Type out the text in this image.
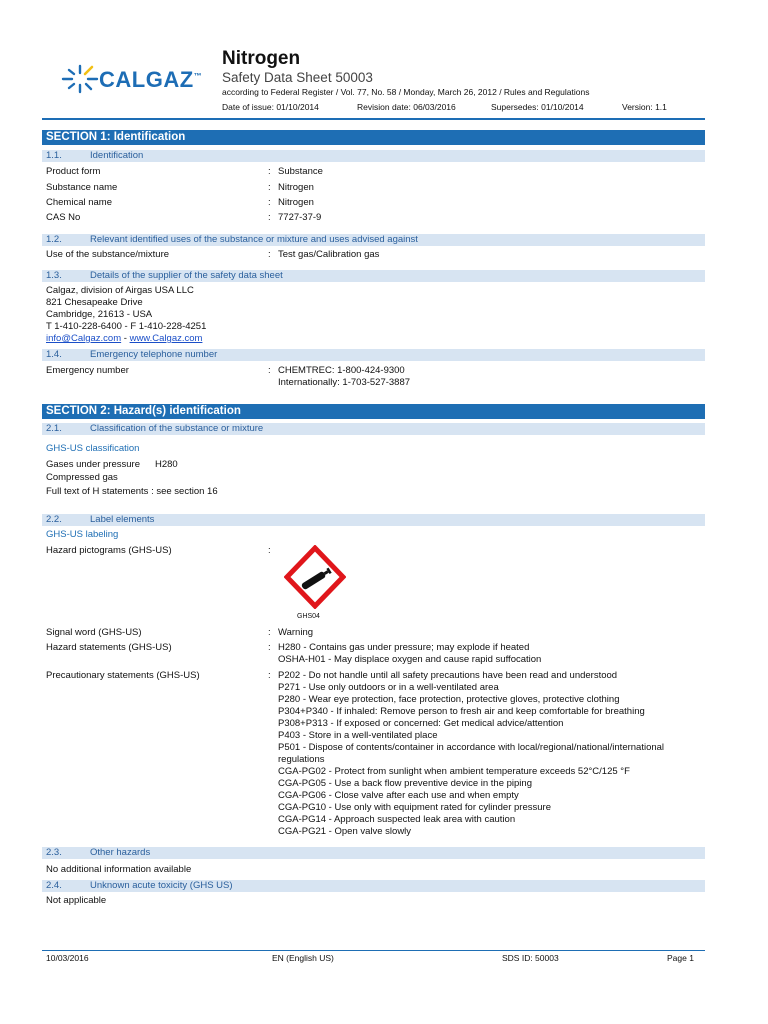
CALGAZ™
Nitrogen
Safety Data Sheet 50003
according to Federal Register / Vol. 77, No. 58 / Monday, March 26, 2012 / Rules and Regulations
Date of issue: 01/10/2014	Revision date: 06/03/2016	Supersedes: 01/10/2014	Version: 1.1
SECTION 1: Identification
1.1.	Identification
Product form	: Substance
Substance name	: Nitrogen
Chemical name	: Nitrogen
CAS No	: 7727-37-9
1.2.	Relevant identified uses of the substance or mixture and uses advised against
Use of the substance/mixture	: Test gas/Calibration gas
1.3.	Details of the supplier of the safety data sheet
Calgaz, division of Airgas USA LLC
821 Chesapeake Drive
Cambridge, 21613 - USA
T 1-410-228-6400 - F 1-410-228-4251
info@Calgaz.com - www.Calgaz.com
1.4.	Emergency telephone number
Emergency number	: CHEMTREC: 1-800-424-9300
Internationally: 1-703-527-3887
SECTION 2: Hazard(s) identification
2.1.	Classification of the substance or mixture
GHS-US classification
Gases under pressure H280
Compressed gas
Full text of H statements : see section 16
2.2.	Label elements
GHS-US labeling
Hazard pictograms (GHS-US)	:
GHS04
Signal word (GHS-US)	: Warning
Hazard statements (GHS-US)	: H280 - Contains gas under pressure; may explode if heated
OSHA-H01 - May displace oxygen and cause rapid suffocation
Precautionary statements (GHS-US)	: P202 - Do not handle until all safety precautions have been read and understood
P271 - Use only outdoors or in a well-ventilated area
P280 - Wear eye protection, face protection, protective gloves, protective clothing
P304+P340 - If inhaled: Remove person to fresh air and keep comfortable for breathing
P308+P313 - If exposed or concerned: Get medical advice/attention
P403 - Store in a well-ventilated place
P501 - Dispose of contents/container in accordance with local/regional/national/international
regulations
CGA-PG02 - Protect from sunlight when ambient temperature exceeds 52°C/125 °F
CGA-PG05 - Use a back flow preventive device in the piping
CGA-PG06 - Close valve after each use and when empty
CGA-PG10 - Use only with equipment rated for cylinder pressure
CGA-PG14 - Approach suspected leak area with caution
CGA-PG21 - Open valve slowly
2.3.	Other hazards
No additional information available
2.4.	Unknown acute toxicity (GHS US)
Not applicable
10/03/2016	EN (English US)	SDS ID: 50003	Page 1
